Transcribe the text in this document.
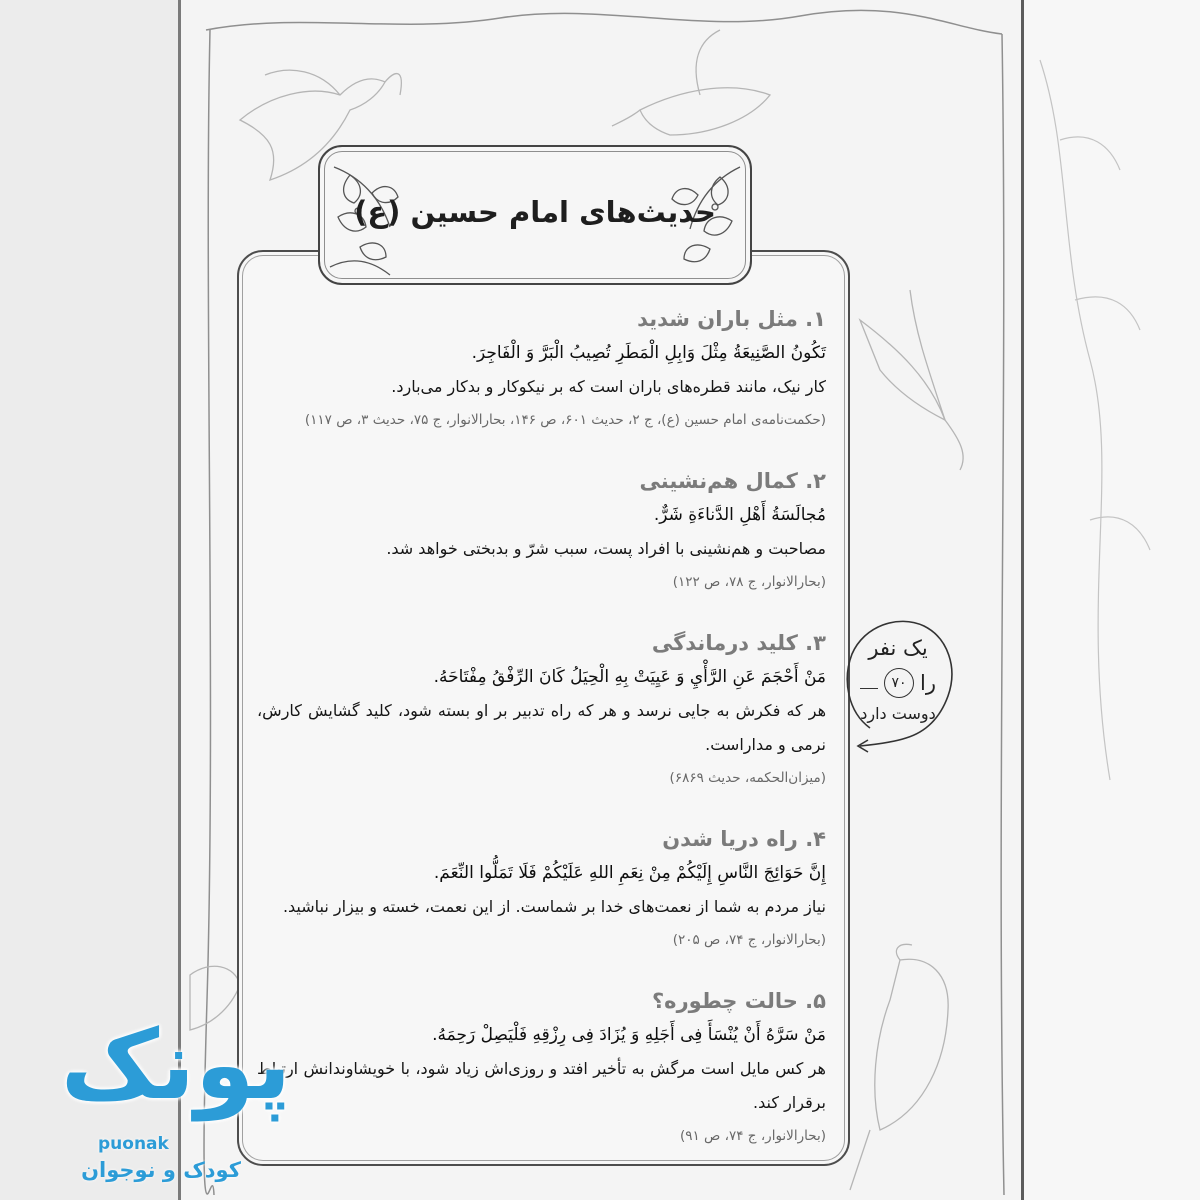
۱. مثل باران شدید
تَكُونُ الصَّنِيعَةُ مِثْلَ وَابِلِ الْمَطَرِ تُصِيبُ الْبَرَّ وَ الْفَاجِرَ.
کار نیک، مانند قطره‌های باران است که بر نیکوکار و بدکار می‌بارد.
(حکمت‌نامه‌ی امام حسین (ع)، ج ۲، حدیث ۶۰۱، ص ۱۴۶، بحارالانوار، ج ۷۵، حدیث ۳، ص ۱۱۷)
۲. کمال هم‌نشینی
مُجالَسَةُ أَهْلِ الدَّناءَةِ شَرٌّ.
مصاحبت و هم‌نشینی با افراد پست، سبب شرّ و بدبختی خواهد شد.
(بحارالانوار، ج ۷۸، ص ۱۲۲)
۳. کلید درماندگی
مَنْ أَحْجَمَ عَنِ الرَّأْيِ وَ عَيِيَتْ بِهِ الْحِيَلُ كَانَ الرِّفْقُ مِفْتَاحَهُ.
هر که فکرش به جایی نرسد و هر که راه تدبیر بر او بسته شود، کلید گشایش کارش، نرمی و مداراست.
(میزان‌الحکمه، حدیث ۶۸۶۹)
۴. راه دریا شدن
إِنَّ حَوَائِجَ النَّاسِ إِلَيْكُمْ مِنْ نِعَمِ اللهِ عَلَيْكُمْ فَلَا تَمَلُّوا النِّعَمَ.
نیاز مردم به شما از نعمت‌های خدا بر شماست. از این نعمت، خسته و بیزار نباشید.
(بحارالانوار، ج ۷۴، ص ۲۰۵)
۵. حالت چطوره؟
مَنْ سَرَّهُ أَنْ يُنْسَأَ فِی أَجَلِهِ وَ يُزَادَ فِی رِزْقِهِ فَلْيَصِلْ رَحِمَهُ.
هر کس مایل است مرگش به تأخیر افتد و روزی‌اش زیاد شود، با خویشاوندانش ارتباط برقرار کند.
(بحارالانوار، ج ۷۴، ص ۹۱)
حدیث‌های امام حسین (ع)
یک نفر
را
۷۰
دوست دارد
پونک
puonak
کودک و نوجوان
